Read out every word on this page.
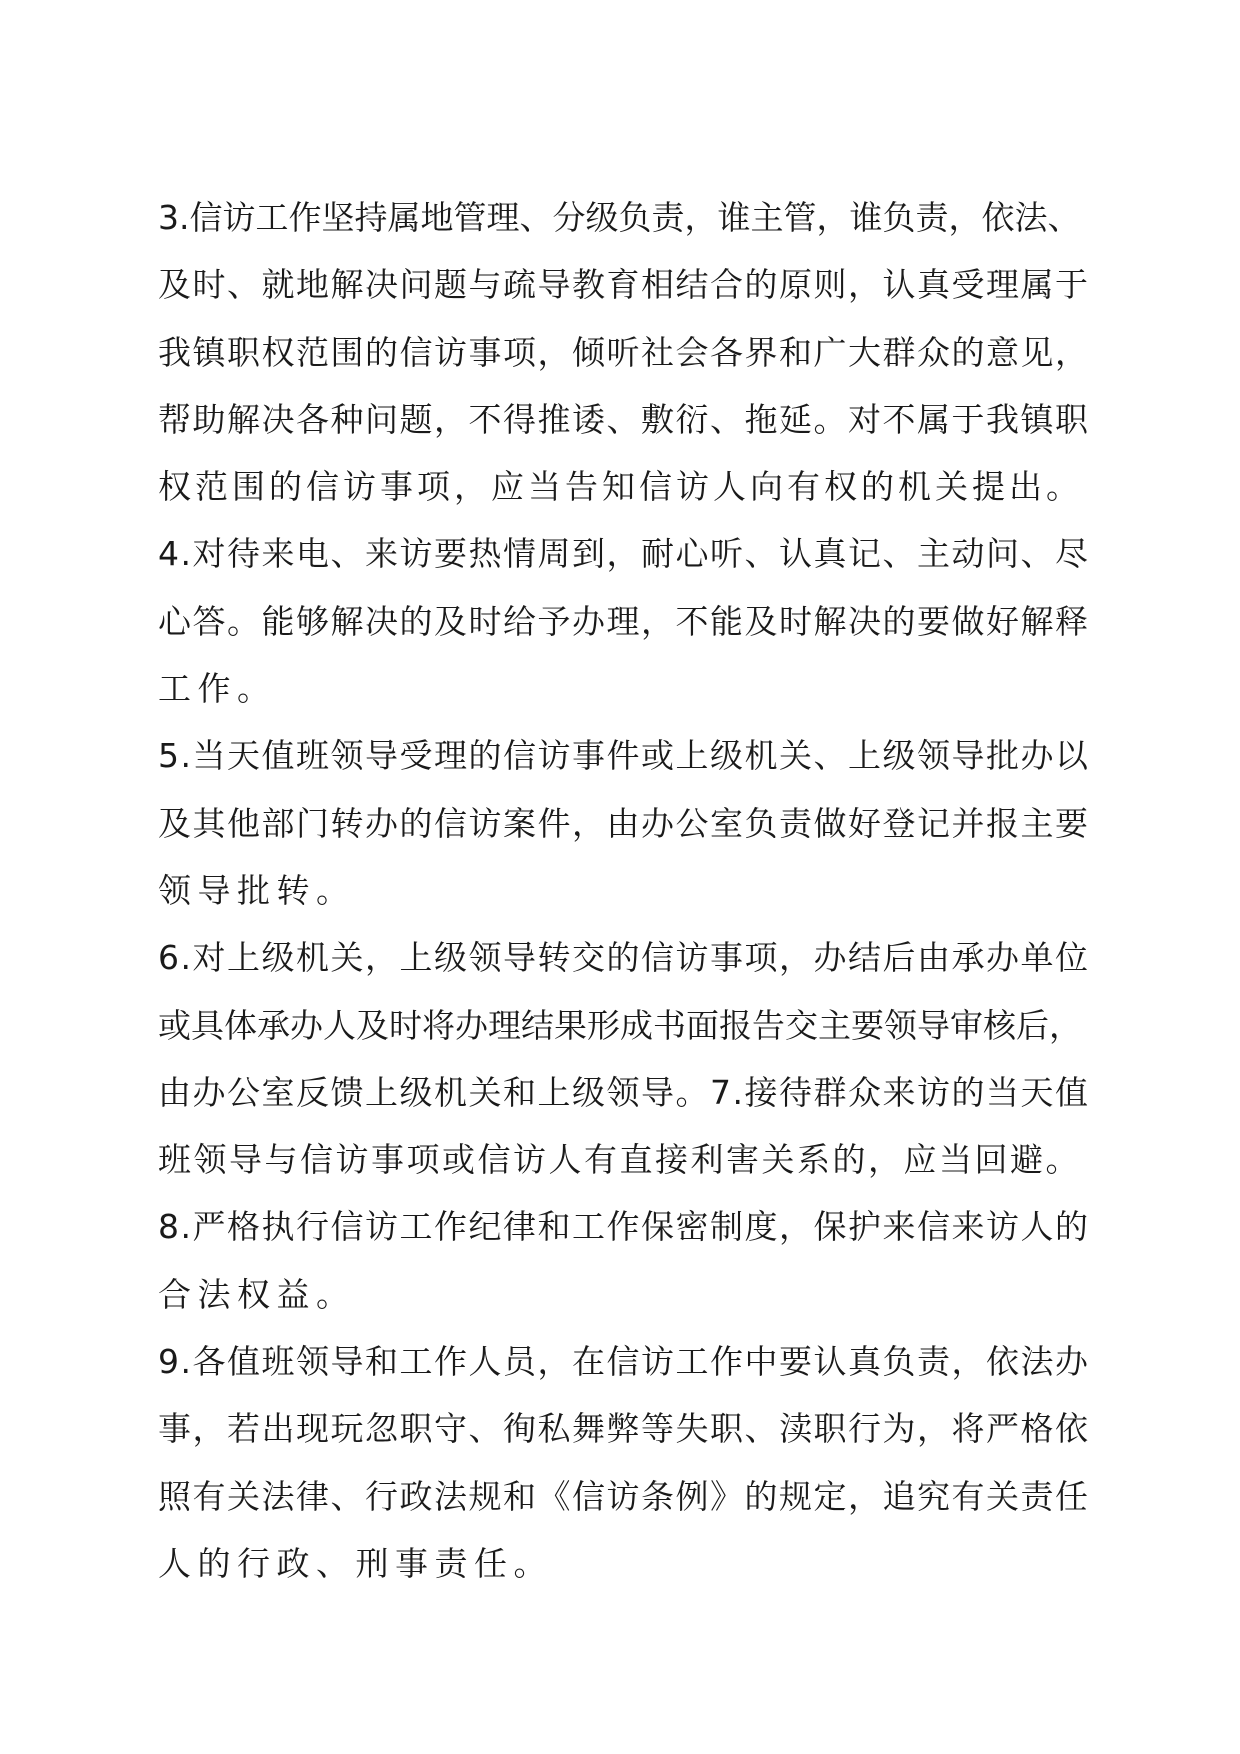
3.信访工作坚持属地管理、分级负责，谁主管，谁负责，依法、
及时、就地解决问题与疏导教育相结合的原则，认真受理属于
我镇职权范围的信访事项，倾听社会各界和广大群众的意见，
帮助解决各种问题，不得推诿、敷衍、拖延。对不属于我镇职
权范围的信访事项，应当告知信访人向有权的机关提出。
4.对待来电、来访要热情周到，耐心听、认真记、主动问、尽
心答。能够解决的及时给予办理，不能及时解决的要做好解释
工作。
5.当天值班领导受理的信访事件或上级机关、上级领导批办以
及其他部门转办的信访案件，由办公室负责做好登记并报主要
领导批转。
6.对上级机关，上级领导转交的信访事项，办结后由承办单位
或具体承办人及时将办理结果形成书面报告交主要领导审核后，
由办公室反馈上级机关和上级领导。7.接待群众来访的当天值
班领导与信访事项或信访人有直接利害关系的，应当回避。
8.严格执行信访工作纪律和工作保密制度，保护来信来访人的
合法权益。
9.各值班领导和工作人员，在信访工作中要认真负责，依法办
事，若出现玩忽职守、徇私舞弊等失职、渎职行为，将严格依
照有关法律、行政法规和《信访条例》的规定，追究有关责任
人的行政、刑事责任。
